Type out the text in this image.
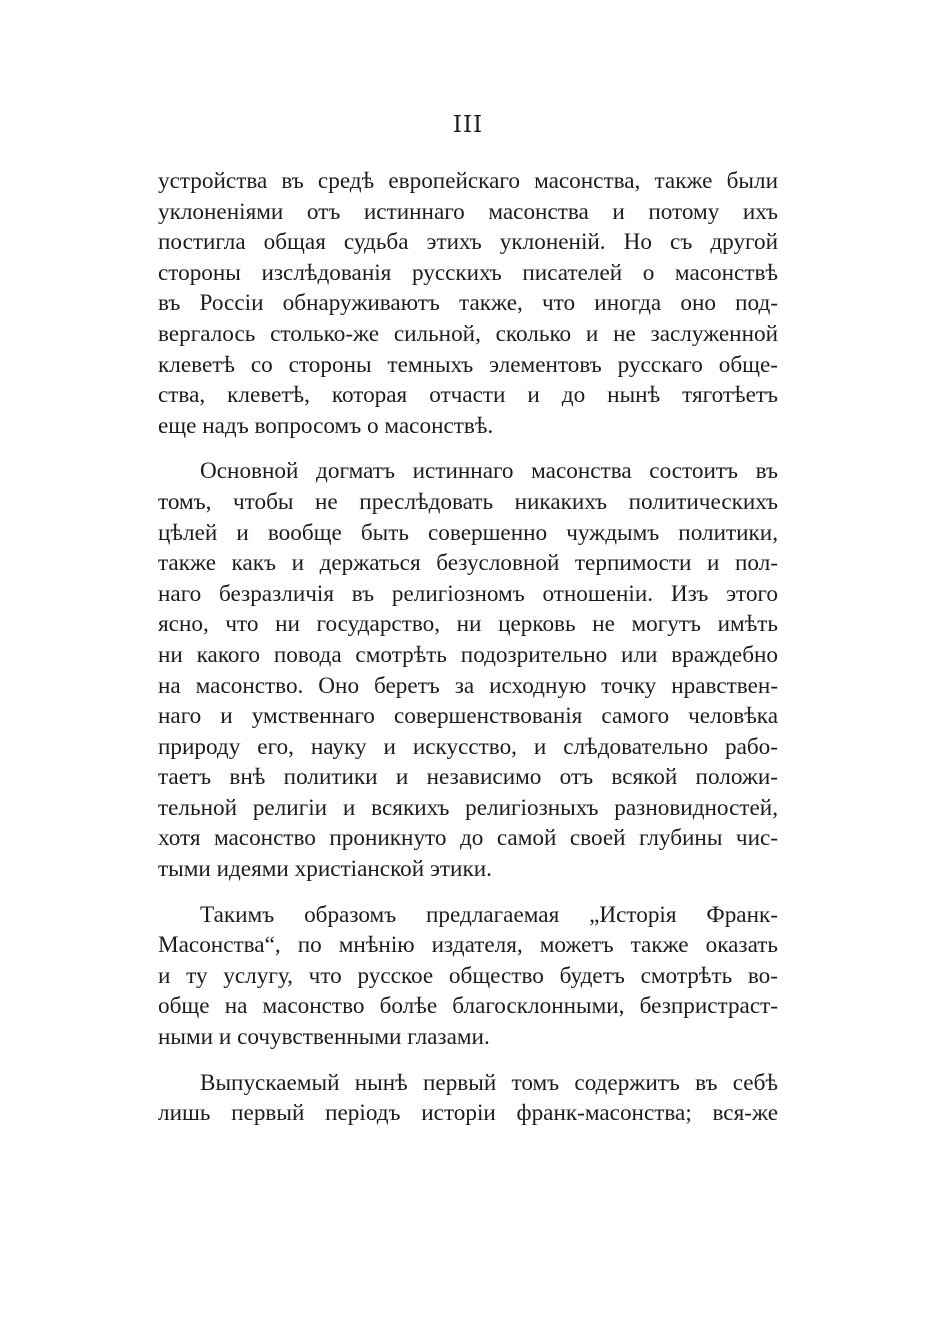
III
устройства въ средѣ европейскаго масонства, также были
уклоненіями отъ истиннаго масонства и потому ихъ
постигла общая судьба этихъ уклоненій. Но съ другой
стороны изслѣдованія русскихъ писателей о масонствѣ
въ Россіи обнаруживаютъ также, что иногда оно под-
вергалось столько-же сильной, сколько и не заслуженной
клеветѣ со стороны темныхъ элементовъ русскаго обще-
ства, клеветѣ, которая отчасти и до нынѣ тяготѣетъ
еще надъ вопросомъ о масонствѣ.
Основной догматъ истиннаго масонства состоитъ въ
томъ, чтобы не преслѣдовать никакихъ политическихъ
цѣлей и вообще быть совершенно чуждымъ политики,
также какъ и держаться безусловной терпимости и пол-
наго безразличія въ религіозномъ отношеніи. Изъ этого
ясно, что ни государство, ни церковь не могутъ имѣть
ни какого повода смотрѣть подозрительно или враждебно
на масонство. Оно беретъ за исходную точку нравствен-
наго и умственнаго совершенствованія самого человѣка
природу его, науку и искусство, и слѣдовательно рабо-
таетъ внѣ политики и независимо отъ всякой положи-
тельной религіи и всякихъ религіозныхъ разновидностей,
хотя масонство проникнуто до самой своей глубины чис-
тыми идеями христіанской этики.
Такимъ образомъ предлагаемая „Исторія Франк-
Масонства“, по мнѣнію издателя, можетъ также оказать
и ту услугу, что русское общество будетъ смотрѣть во-
обще на масонство болѣе благосклонными, безпристраст-
ными и сочувственными глазами.
Выпускаемый нынѣ первый томъ содержитъ въ себѣ
лишь первый періодъ исторіи франк-масонства; вся-же
